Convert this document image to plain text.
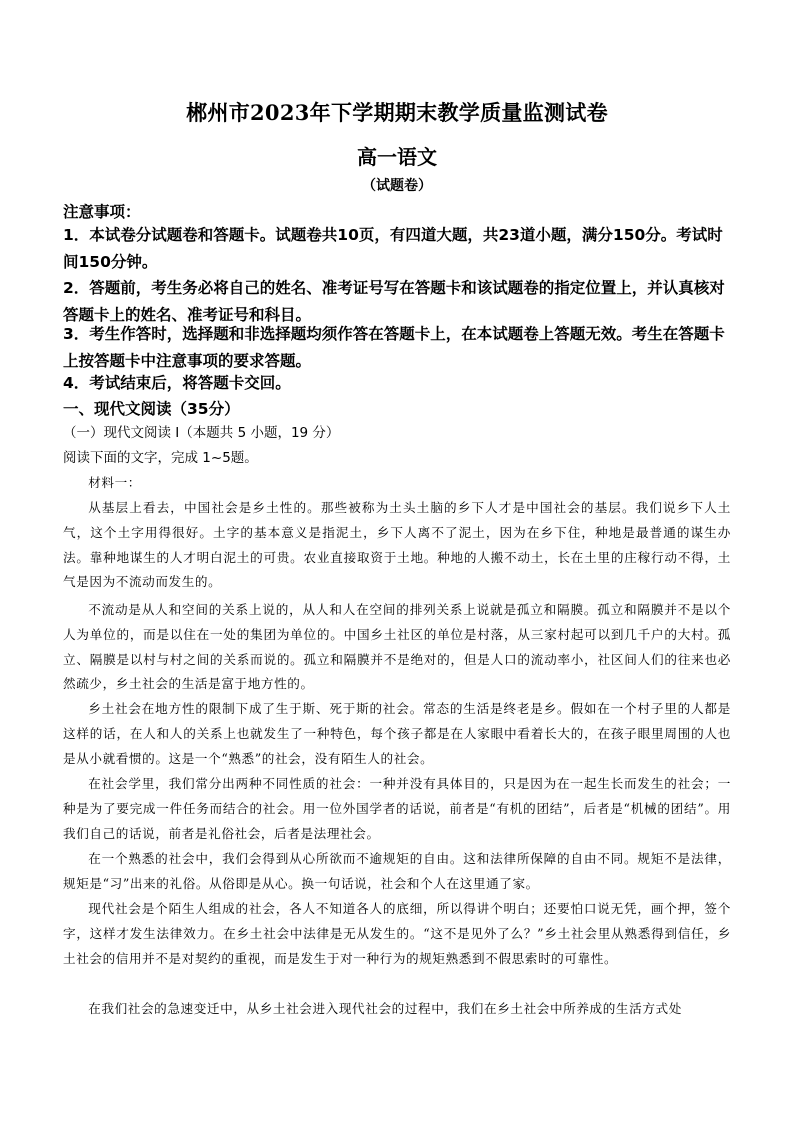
郴州市2023年下学期期末教学质量监测试卷
高一语文
（试题卷）
注意事项：
1．本试卷分试题卷和答题卡。试题卷共10页，有四道大题，共23道小题，满分150分。考试时间150分钟。
2．答题前，考生务必将自己的姓名、准考证号写在答题卡和该试题卷的指定位置上，并认真核对答题卡上的姓名、准考证号和科目。
3．考生作答时，选择题和非选择题均须作答在答题卡上，在本试题卷上答题无效。考生在答题卡上按答题卡中注意事项的要求答题。
4．考试结束后，将答题卡交回。
一、现代文阅读（35分）
（一）现代文阅读 I（本题共 5 小题，19 分）
阅读下面的文字，完成 1~5题。

材料一：

从基层上看去，中国社会是乡土性的。那些被称为土头土脑的乡下人才是中国社会的基层。我们说乡下人土气，这个土字用得很好。土字的基本意义是指泥土，乡下人离不了泥土，因为在乡下住，种地是最普通的谋生办法。靠种地谋生的人才明白泥土的可贵。农业直接取资于土地。种地的人搬不动土，长在土里的庄稼行动不得，土气是因为不流动而发生的。

不流动是从人和空间的关系上说的，从人和人在空间的排列关系上说就是孤立和隔膜。孤立和隔膜并不是以个人为单位的，而是以住在一处的集团为单位的。中国乡土社区的单位是村落，从三家村起可以到几千户的大村。孤立、隔膜是以村与村之间的关系而说的。孤立和隔膜并不是绝对的，但是人口的流动率小，社区间人们的往来也必然疏少，乡土社会的生活是富于地方性的。

乡土社会在地方性的限制下成了生于斯、死于斯的社会。常态的生活是终老是乡。假如在一个村子里的人都是这样的话，在人和人的关系上也就发生了一种特色，每个孩子都是在人家眼中看着长大的，在孩子眼里周围的人也是从小就看惯的。这是一个“熟悉”的社会，没有陌生人的社会。

在社会学里，我们常分出两种不同性质的社会：一种并没有具体目的，只是因为在一起生长而发生的社会；一种是为了要完成一件任务而结合的社会。用一位外国学者的话说，前者是“有机的团结”，后者是“机械的团结”。用我们自己的话说，前者是礼俗社会，后者是法理社会。

在一个熟悉的社会中，我们会得到从心所欲而不逾规矩的自由。这和法律所保障的自由不同。规矩不是法律，规矩是“习”出来的礼俗。从俗即是从心。换一句话说，社会和个人在这里通了家。

现代社会是个陌生人组成的社会，各人不知道各人的底细，所以得讲个明白；还要怕口说无凭，画个押，签个字，这样才发生法律效力。在乡土社会中法律是无从发生的。“这不是见外了么？”乡土社会里从熟悉得到信任，乡土社会的信用并不是对契约的重视，而是发生于对一种行为的规矩熟悉到不假思索时的可靠性。

在我们社会的急速变迁中，从乡土社会进入现代社会的过程中，我们在乡土社会中所养成的生活方式处
